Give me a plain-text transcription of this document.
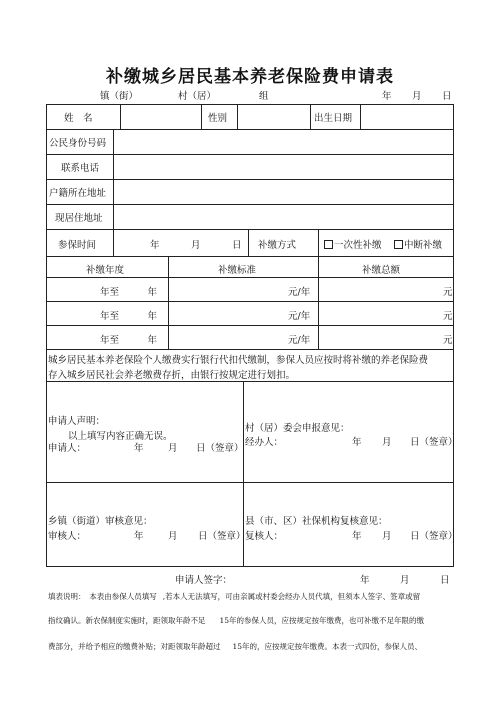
补缴城乡居民基本养老保险费申请表
镇（街）	村（居）	组	年 月 日
姓　名	性别	出生日期
公民身份号码
联系电话
户籍所在地址
现居住地址
参保时间	年	月	日 补缴方式	一次性补缴	中断补缴
补缴年度	补缴标准	补缴总额
年至　　　年	元/年	元
年至　　　年	元/年	元
年至　　　年	元/年	元
城乡居民基本养老保险个人缴费实行银行代扣代缴制，参保人员应按时将补缴的养老保险费
存入城乡居民社会养老缴费存折，由银行按规定进行划扣。
申请人声明：
以上填写内容正确无误。
申请人：	年	月 日（签章）
村（居）委会申报意见：
经办人：	年 月 日（签章）
乡镇（街道）审核意见：
审核人：	年	月 日（签章）
县（市、区）社保机构复核意见：
复核人：	年 月 日（签章）
申请人签字：	年	月	日
填表说明：　本表由参保人员填写 ,若本人无法填写，可由亲属或村委会经办人员代填，但须本人签字、签章或留
指纹确认。新农保制度实施时，距领取年龄不足 15年的参保人员，应按规定按年缴费，也可补缴不足年限的缴
费部分，并给予相应的缴费补贴；对距领取年龄超过 15年的，应按规定按年缴费。本表一式四份，参保人员、
